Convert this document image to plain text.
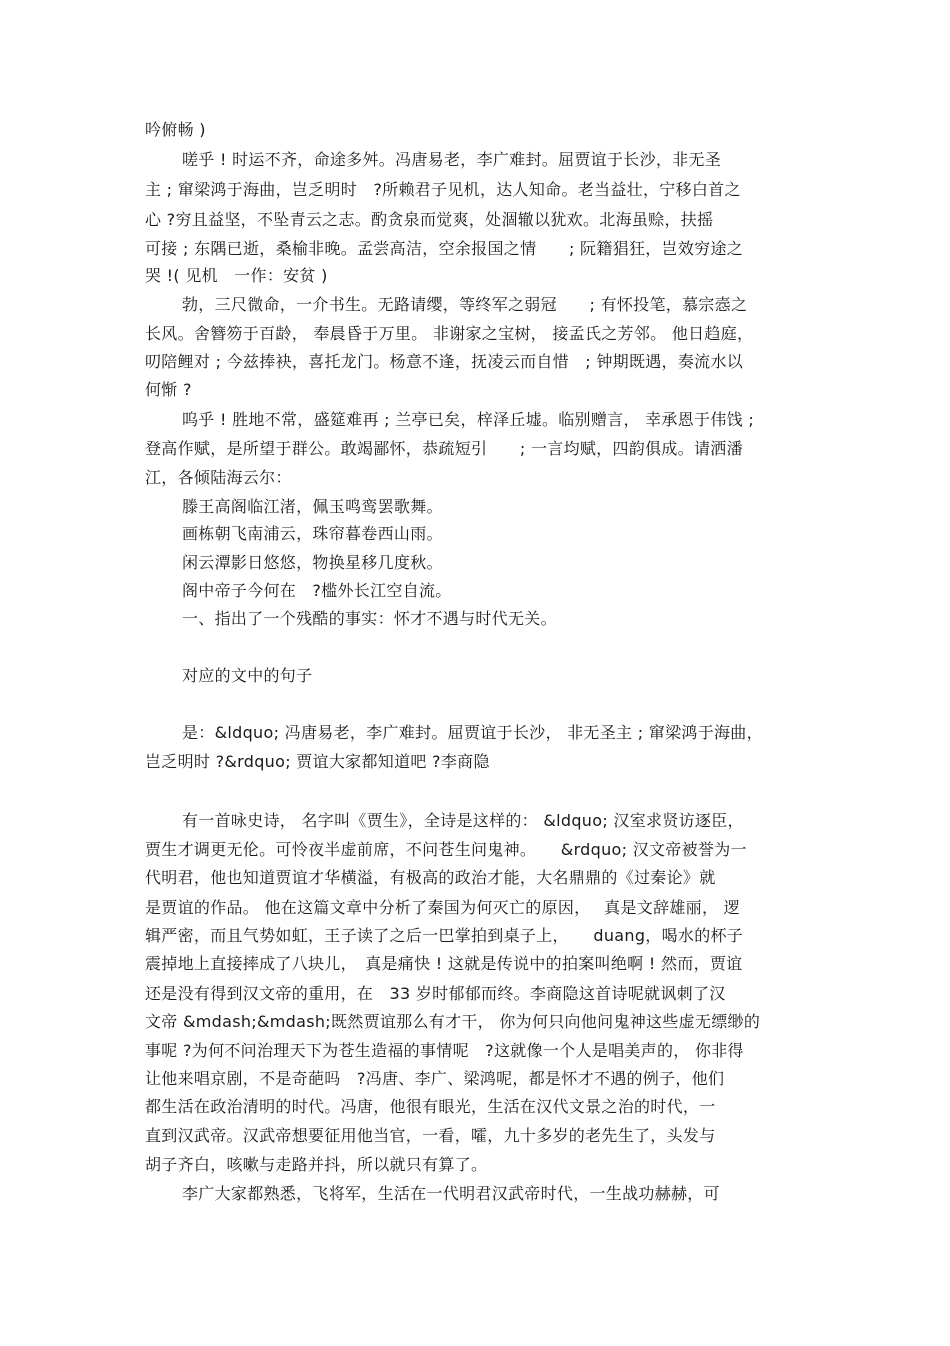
吟俯畅 )
嗟乎 ! 时运不齐，命途多舛。冯唐易老，李广难封。屈贾谊于长沙，非无圣
主 ; 窜梁鸿于海曲，岂乏明时　?所赖君子见机，达人知命。老当益壮，宁移白首之
心 ?穷且益坚，不坠青云之志。酌贪泉而觉爽，处涸辙以犹欢。北海虽赊，扶摇
可接 ; 东隅已逝，桑榆非晚。孟尝高洁，空余报国之情　　; 阮籍猖狂，岂效穷途之
哭 !( 见机　一作：安贫 )
勃，三尺微命，一介书生。无路请缨，等终军之弱冠　　; 有怀投笔，慕宗悫之
长风。舍簪笏于百龄， 奉晨昏于万里。 非谢家之宝树， 接孟氏之芳邻。 他日趋庭，
叨陪鲤对 ; 今兹捧袂，喜托龙门。杨意不逢，抚凌云而自惜　; 钟期既遇，奏流水以
何惭 ?
呜乎 ! 胜地不常，盛筵难再 ; 兰亭已矣，梓泽丘墟。临别赠言， 幸承恩于伟饯 ;
登高作赋，是所望于群公。敢竭鄙怀，恭疏短引　　; 一言均赋，四韵俱成。请洒潘
江，各倾陆海云尔：
滕王高阁临江渚，佩玉鸣鸾罢歌舞。
画栋朝飞南浦云，珠帘暮卷西山雨。
闲云潭影日悠悠，物换星移几度秋。
阁中帝子今何在　?槛外长江空自流。
一、指出了一个残酷的事实：怀才不遇与时代无关。
对应的文中的句子
是：&ldquo; 冯唐易老，李广难封。屈贾谊于长沙， 非无圣主 ; 窜梁鸿于海曲，
岂乏明时 ?&rdquo; 贾谊大家都知道吧 ?李商隐
有一首咏史诗， 名字叫《贾生》，全诗是这样的： &ldquo; 汉室求贤访逐臣，
贾生才调更无伦。可怜夜半虚前席，不问苍生问鬼神。　　&rdquo; 汉文帝被誉为一
代明君，他也知道贾谊才华横溢，有极高的政治才能，大名鼎鼎的《过秦论》就
是贾谊的作品。 他在这篇文章中分析了秦国为何灭亡的原因，　 真是文辞雄丽， 逻
辑严密，而且气势如虹，王子读了之后一巴掌拍到桌子上，　　duang，喝水的杯子
震掉地上直接摔成了八块儿，　真是痛快 ! 这就是传说中的拍案叫绝啊 ! 然而，贾谊
还是没有得到汉文帝的重用，在　33 岁时郁郁而终。李商隐这首诗呢就讽刺了汉
文帝 &mdash;&mdash;既然贾谊那么有才干， 你为何只向他问鬼神这些虚无缥缈的
事呢 ?为何不问治理天下为苍生造福的事情呢　?这就像一个人是唱美声的， 你非得
让他来唱京剧，不是奇葩吗　?冯唐、李广、梁鸿呢，都是怀才不遇的例子，他们
都生活在政治清明的时代。冯唐，他很有眼光，生活在汉代文景之治的时代，一
直到汉武帝。汉武帝想要征用他当官，一看，嚯，九十多岁的老先生了，头发与
胡子齐白，咳嗽与走路并抖，所以就只有算了。
李广大家都熟悉，飞将军，生活在一代明君汉武帝时代，一生战功赫赫，可
